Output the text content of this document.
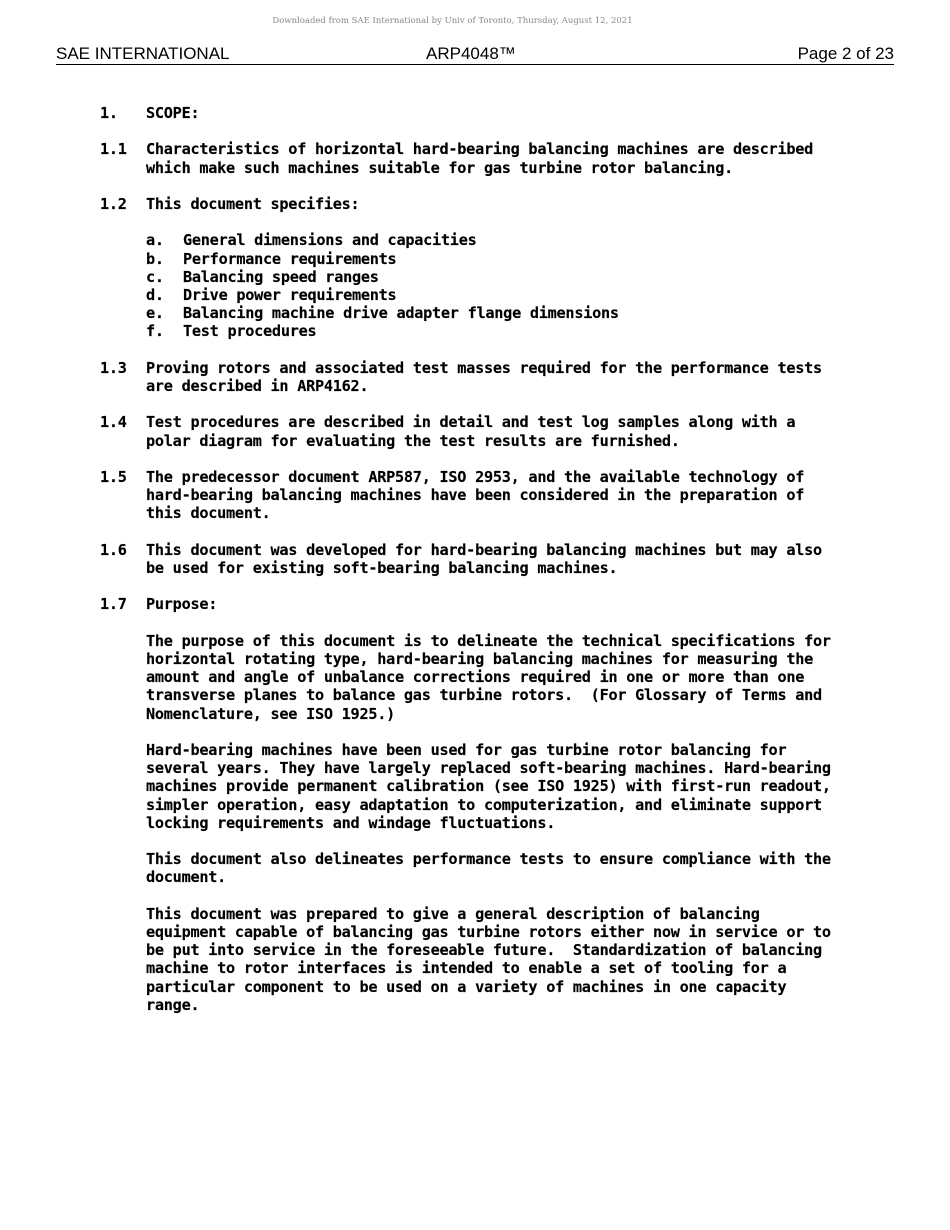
Downloaded from SAE International by Univ of Toronto, Thursday, August 12, 2021
SAE INTERNATIONAL	ARP4048™	Page 2 of 23
1.	SCOPE:
1.1	Characteristics of horizontal hard-bearing balancing machines are described
which make such machines suitable for gas turbine rotor balancing.
1.2	This document specifies:
a.	General dimensions and capacities
b.	Performance requirements
c.	Balancing speed ranges
d.	Drive power requirements
e.	Balancing machine drive adapter flange dimensions
f.	Test procedures
1.3	Proving rotors and associated test masses required for the performance tests
are described in ARP4162.
1.4	Test procedures are described in detail and test log samples along with a
polar diagram for evaluating the test results are furnished.
1.5	The predecessor document ARP587, ISO 2953, and the available technology of
hard-bearing balancing machines have been considered in the preparation of
this document.
1.6	This document was developed for hard-bearing balancing machines but may also
be used for existing soft-bearing balancing machines.
1.7	Purpose:
The purpose of this document is to delineate the technical specifications for
horizontal rotating type, hard-bearing balancing machines for measuring the
amount and angle of unbalance corrections required in one or more than one
transverse planes to balance gas turbine rotors.  (For Glossary of Terms and
Nomenclature, see ISO 1925.)
Hard-bearing machines have been used for gas turbine rotor balancing for
several years. They have largely replaced soft-bearing machines. Hard-bearing
machines provide permanent calibration (see ISO 1925) with first-run readout,
simpler operation, easy adaptation to computerization, and eliminate support
locking requirements and windage fluctuations.
This document also delineates performance tests to ensure compliance with the
document.
This document was prepared to give a general description of balancing
equipment capable of balancing gas turbine rotors either now in service or to
be put into service in the foreseeable future.  Standardization of balancing
machine to rotor interfaces is intended to enable a set of tooling for a
particular component to be used on a variety of machines in one capacity
range.
